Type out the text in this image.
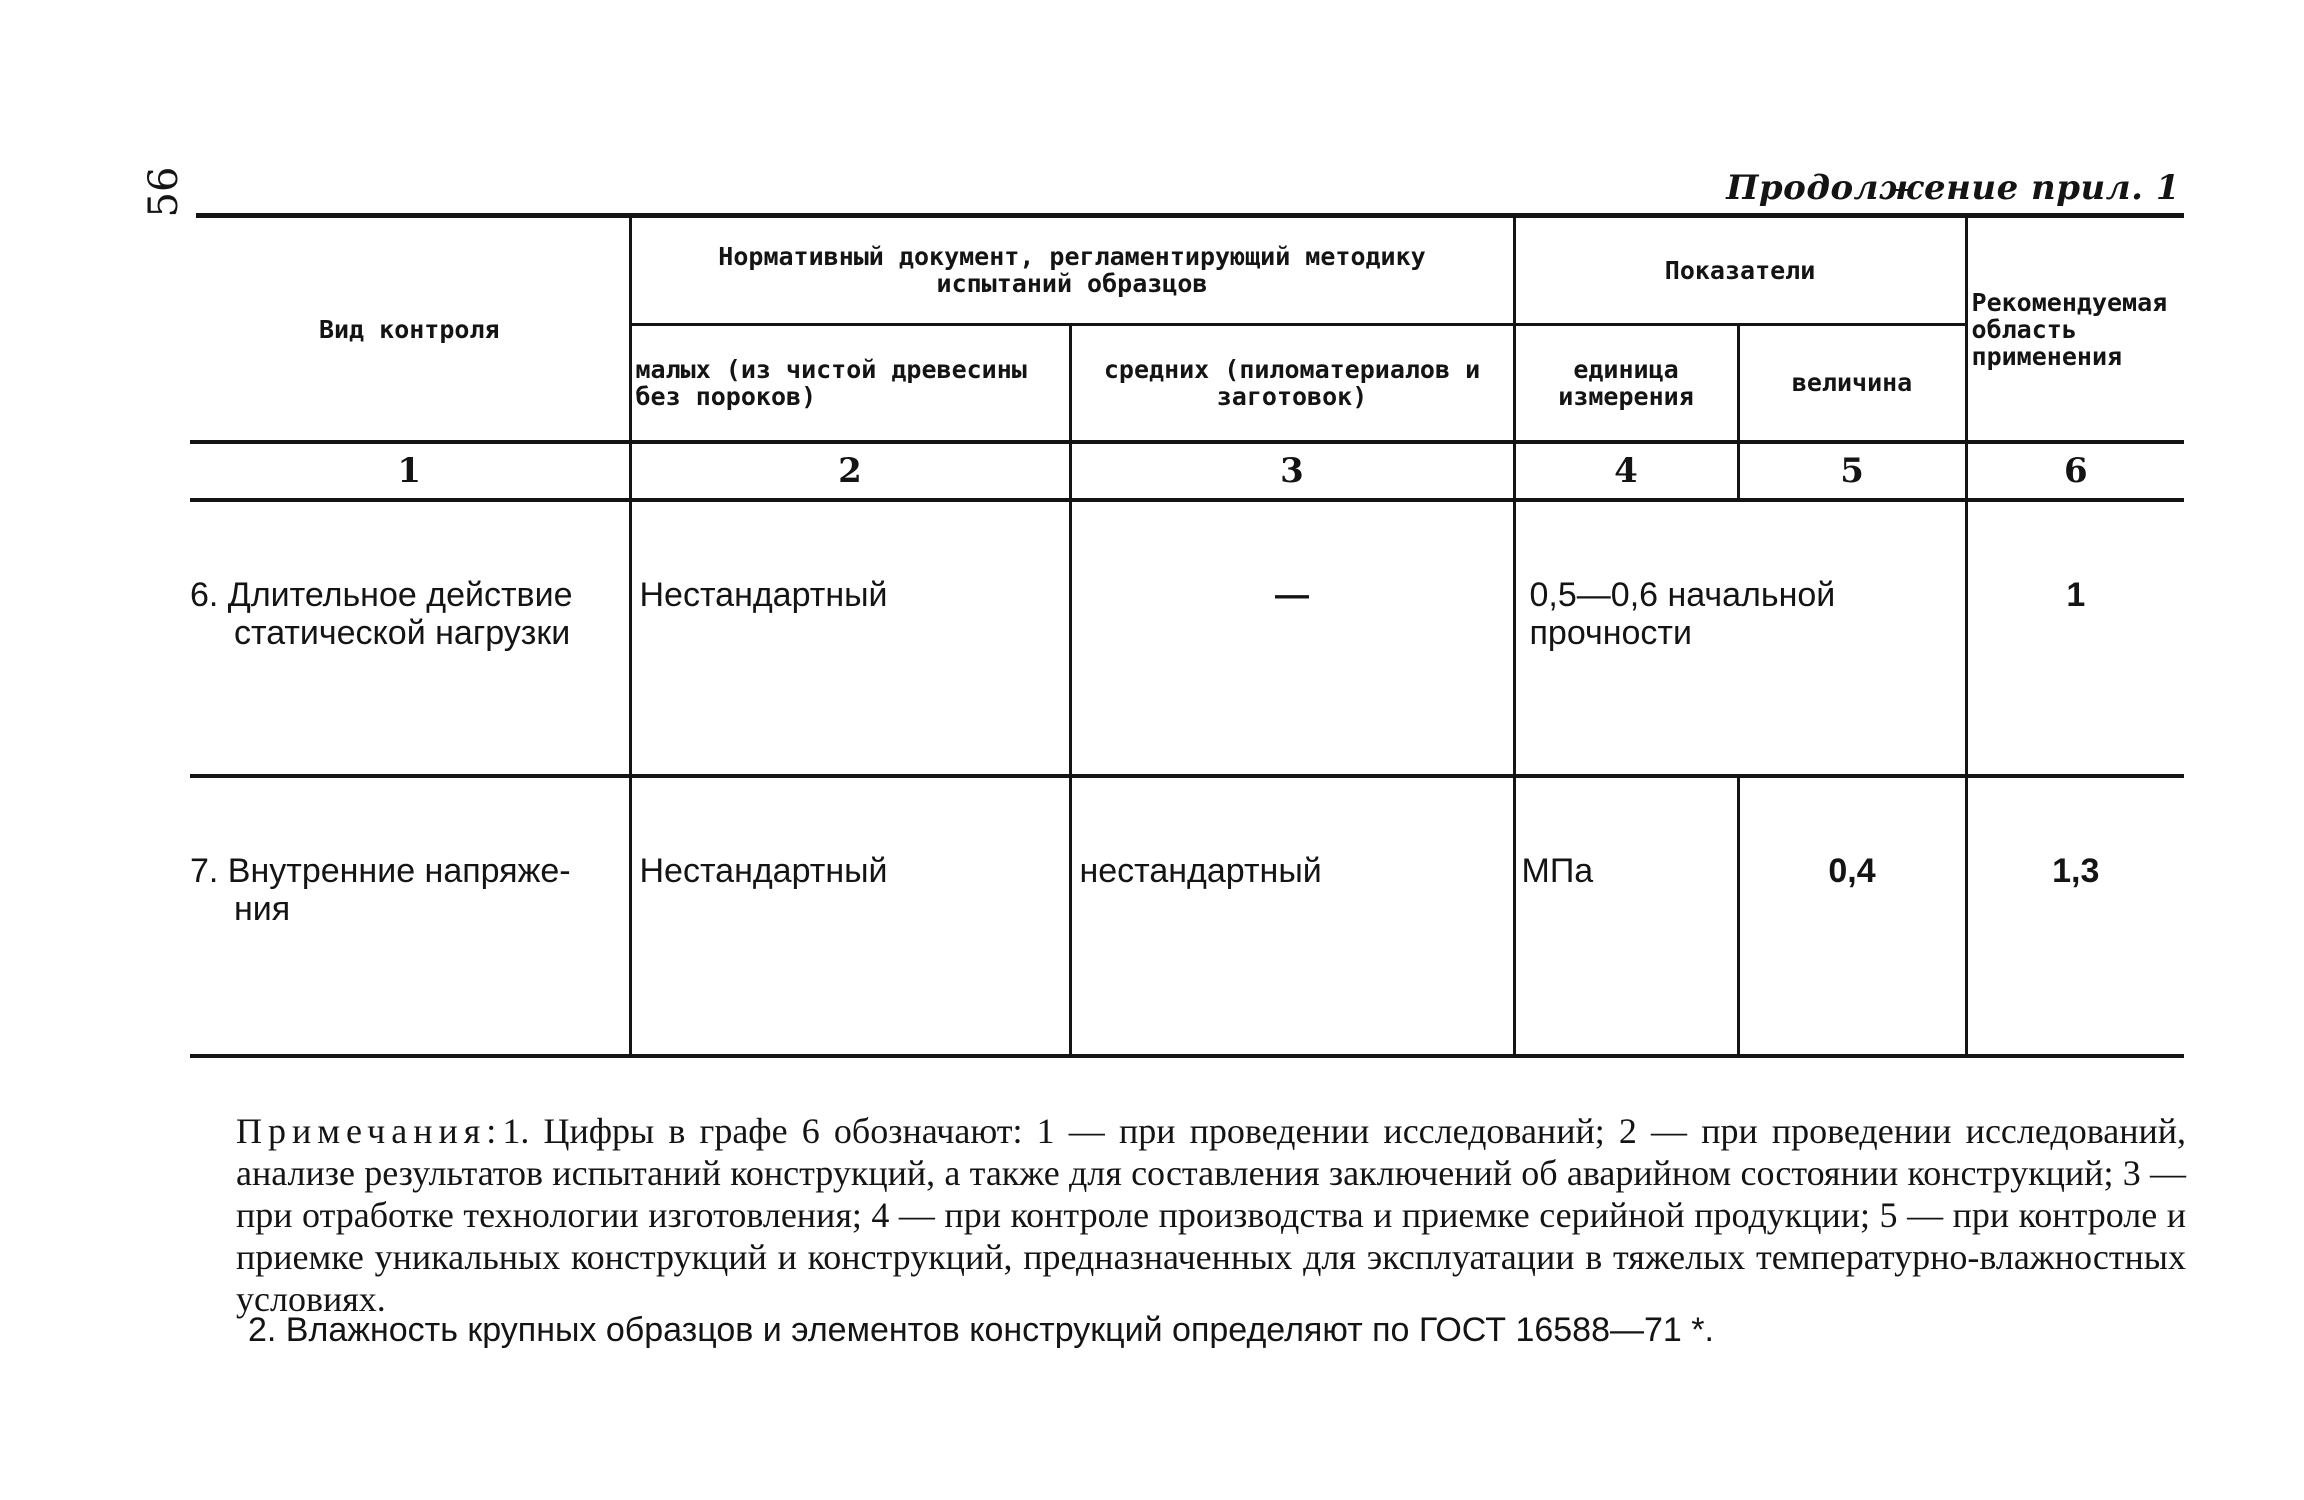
56	Продолжение прил. 1
Вид контроля	Нормативный документ, регламентирующий методику испытаний образцов		Показатели		Рекомендуемая область применения
	малых (из чистой древесины без пороков)	средних (пиломатериалов и заготовок)	единица измерения	величина	
1	2	3	4	5	6

6. Длительное действие
статической нагрузки	Нестандартный	—	0,5—0,6 начальной прочности		1

7. Внутренние напряже-
ния	Нестандартный	нестандартный	МПа	0,4	1,3
Примечания:1. Цифры в графе 6 обозначают: 1 — при проведении исследований; 2 — при проведении исследований, анализе результатов испытаний конструкций, а также для составления заключений об аварийном состоянии конструкций; 3 — при отработке технологии изготовления; 4 — при контроле производства и приемке серийной продукции; 5 — при контроле и приемке уникальных конструкций и конструкций, предназначенных для эксплуатации в тяжелых температурно-влажностных условиях.
2. Влажность крупных образцов и элементов конструкций определяют по ГОСТ 16588—71 *.
